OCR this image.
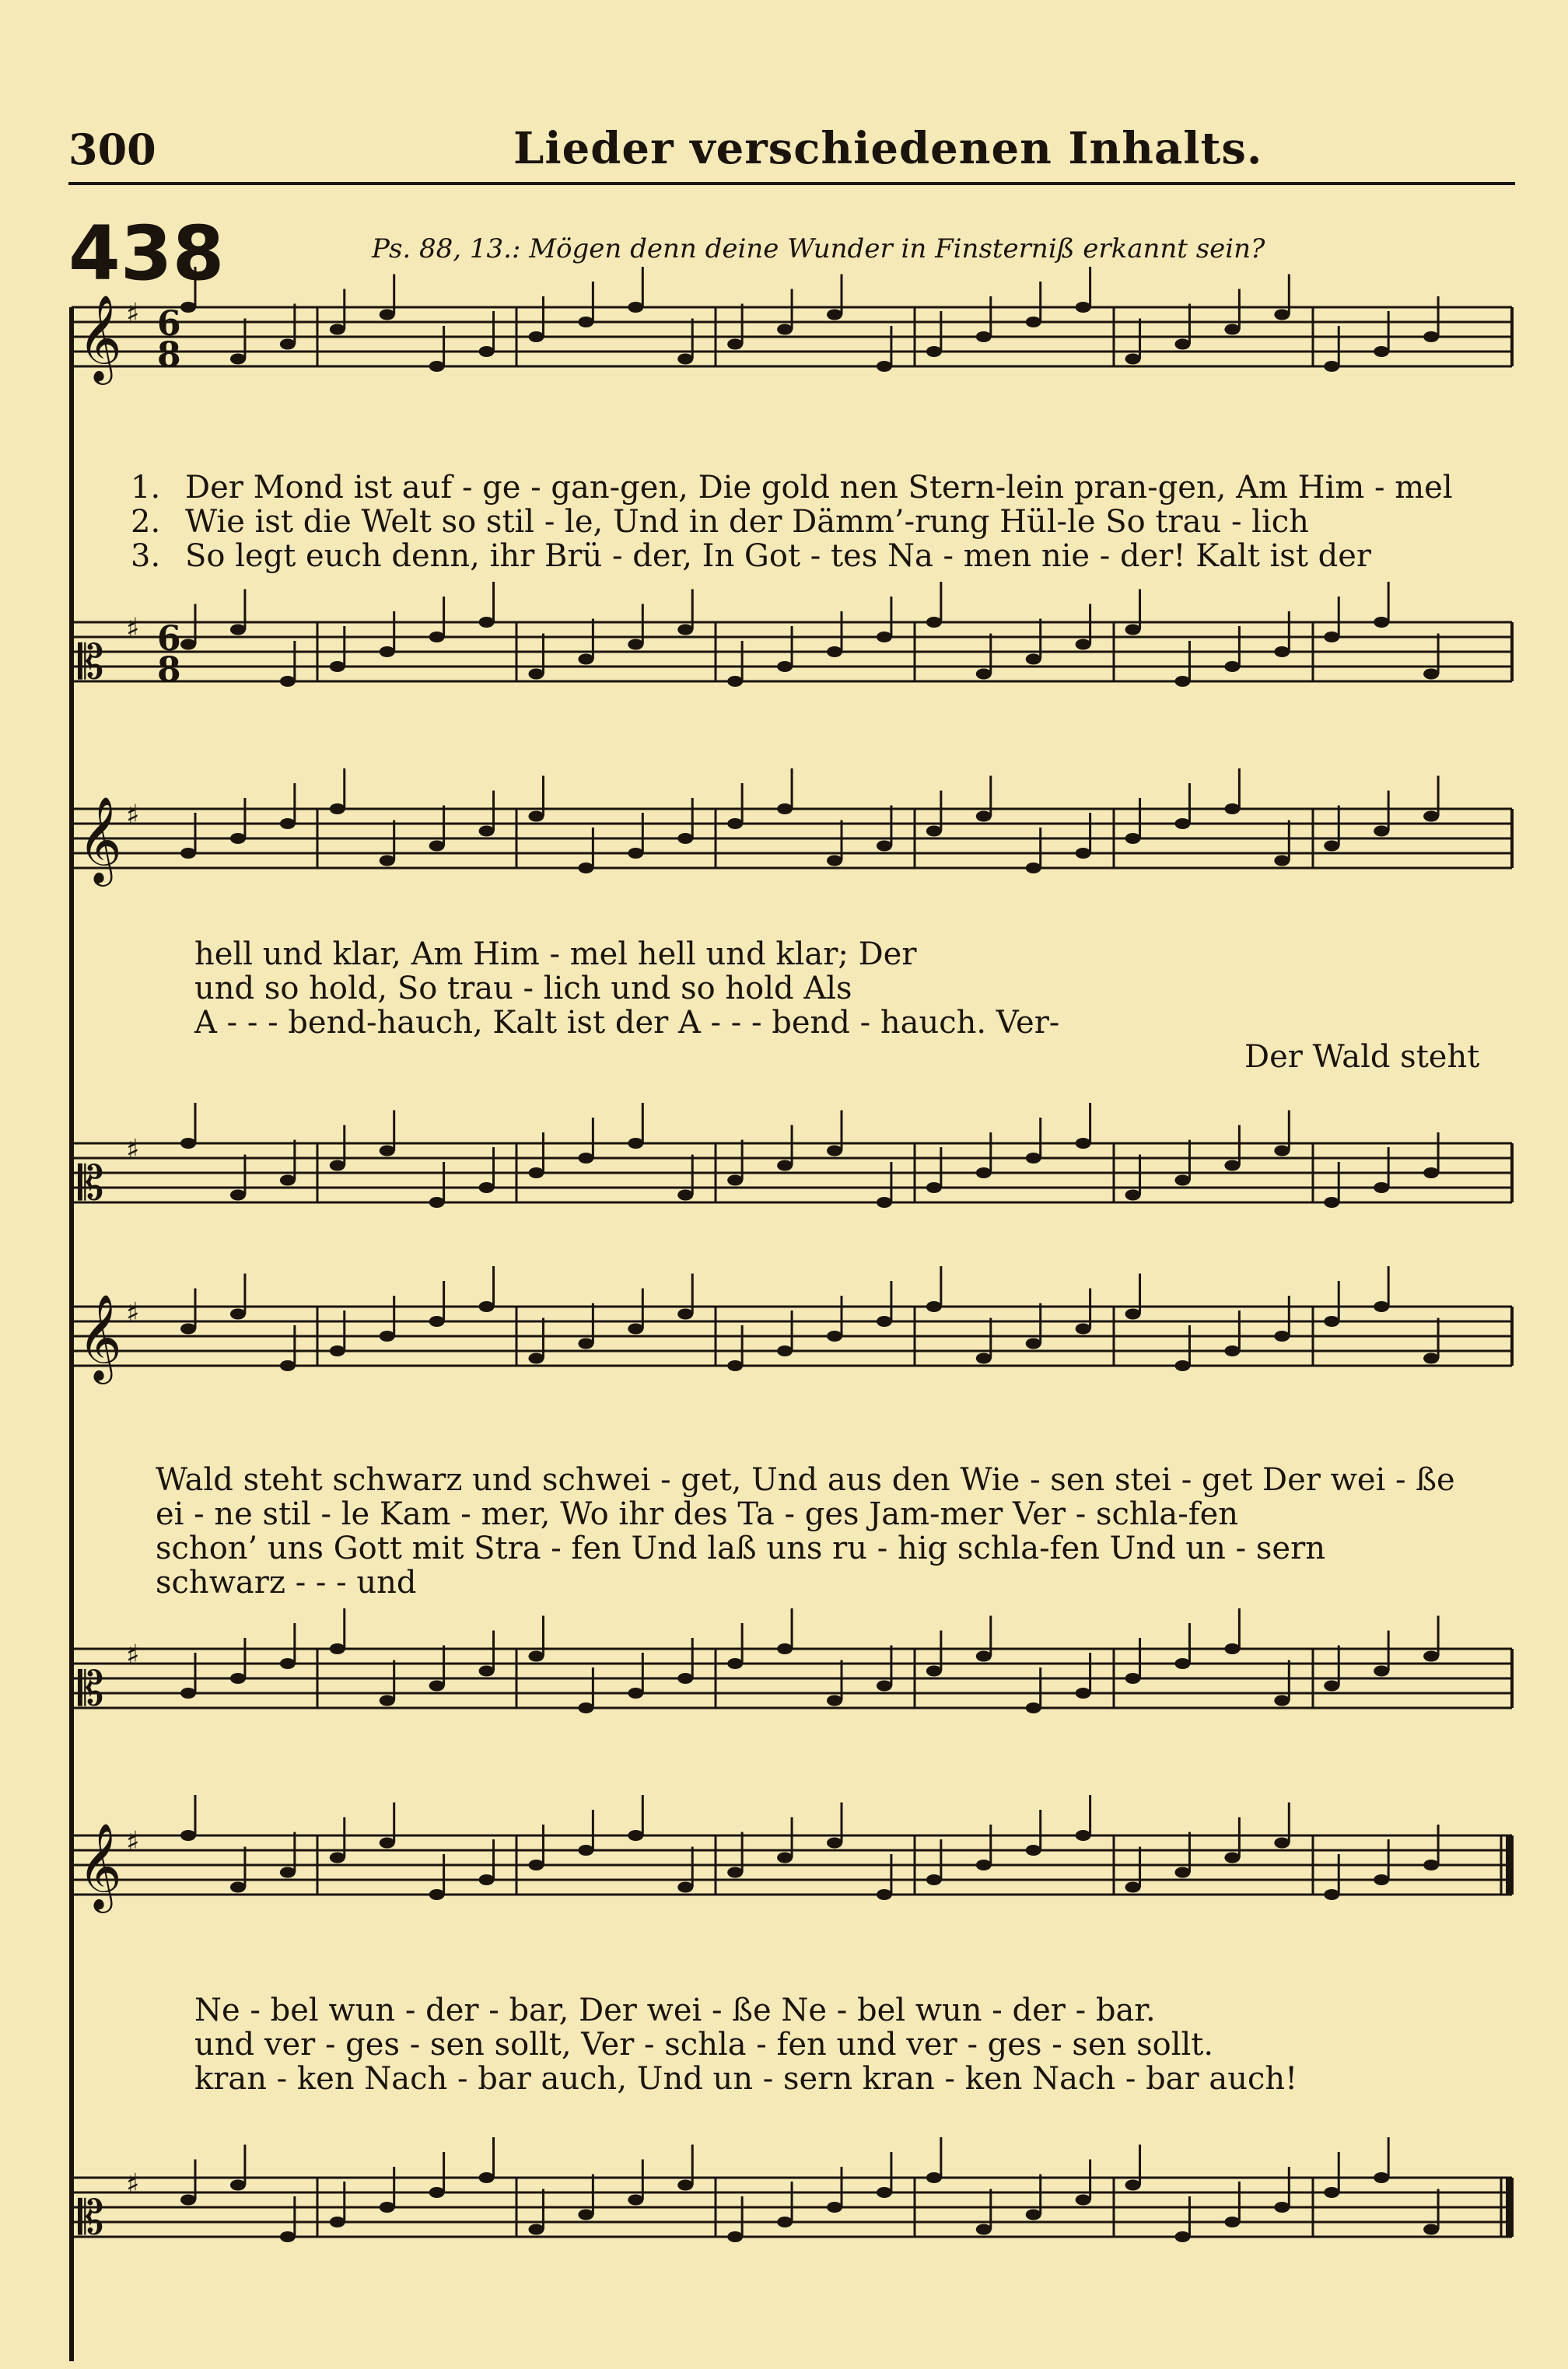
300	Lieder verschiedenen Inhalts.
438	Ps. 88, 13.: Mögen denn deine Wunder in Finsterniß erkannt sein?
𝄞 ♯
𝄡
♯
𝄞 ♯
𝄡
♯
𝄞 ♯
𝄡
♯
𝄞 ♯
𝄡
♯
6
8
6
8
1. Der Mond ist auf - ge - gan-gen, Die gold nen Stern-lein pran-gen, Am Him - mel
2. Wie ist die Welt so stil - le, Und in der Dämm’-rung Hül-le So trau - lich
3. So legt euch denn, ihr Brü - der, In Got - tes Na - men nie - der! Kalt ist der
hell und klar, Am Him - mel hell und klar; Der
und so hold, So trau - lich und so hold Als
A - - - bend-hauch, Kalt ist der A - - - bend - hauch. Ver-
Der Wald steht
Wald steht schwarz und schwei - get, Und aus den Wie - sen stei - get Der wei - ße
ei - ne stil - le Kam - mer, Wo ihr des Ta - ges Jam-mer Ver - schla-fen
schon’ uns Gott mit Stra - fen Und laß uns ru - hig schla-fen Und un - sern
schwarz - - - und
Ne - bel wun - der - bar, Der wei - ße Ne - bel wun - der - bar.
und ver - ges - sen sollt, Ver - schla - fen und ver - ges - sen sollt.
kran - ken Nach - bar auch, Und un - sern kran - ken Nach - bar auch!
